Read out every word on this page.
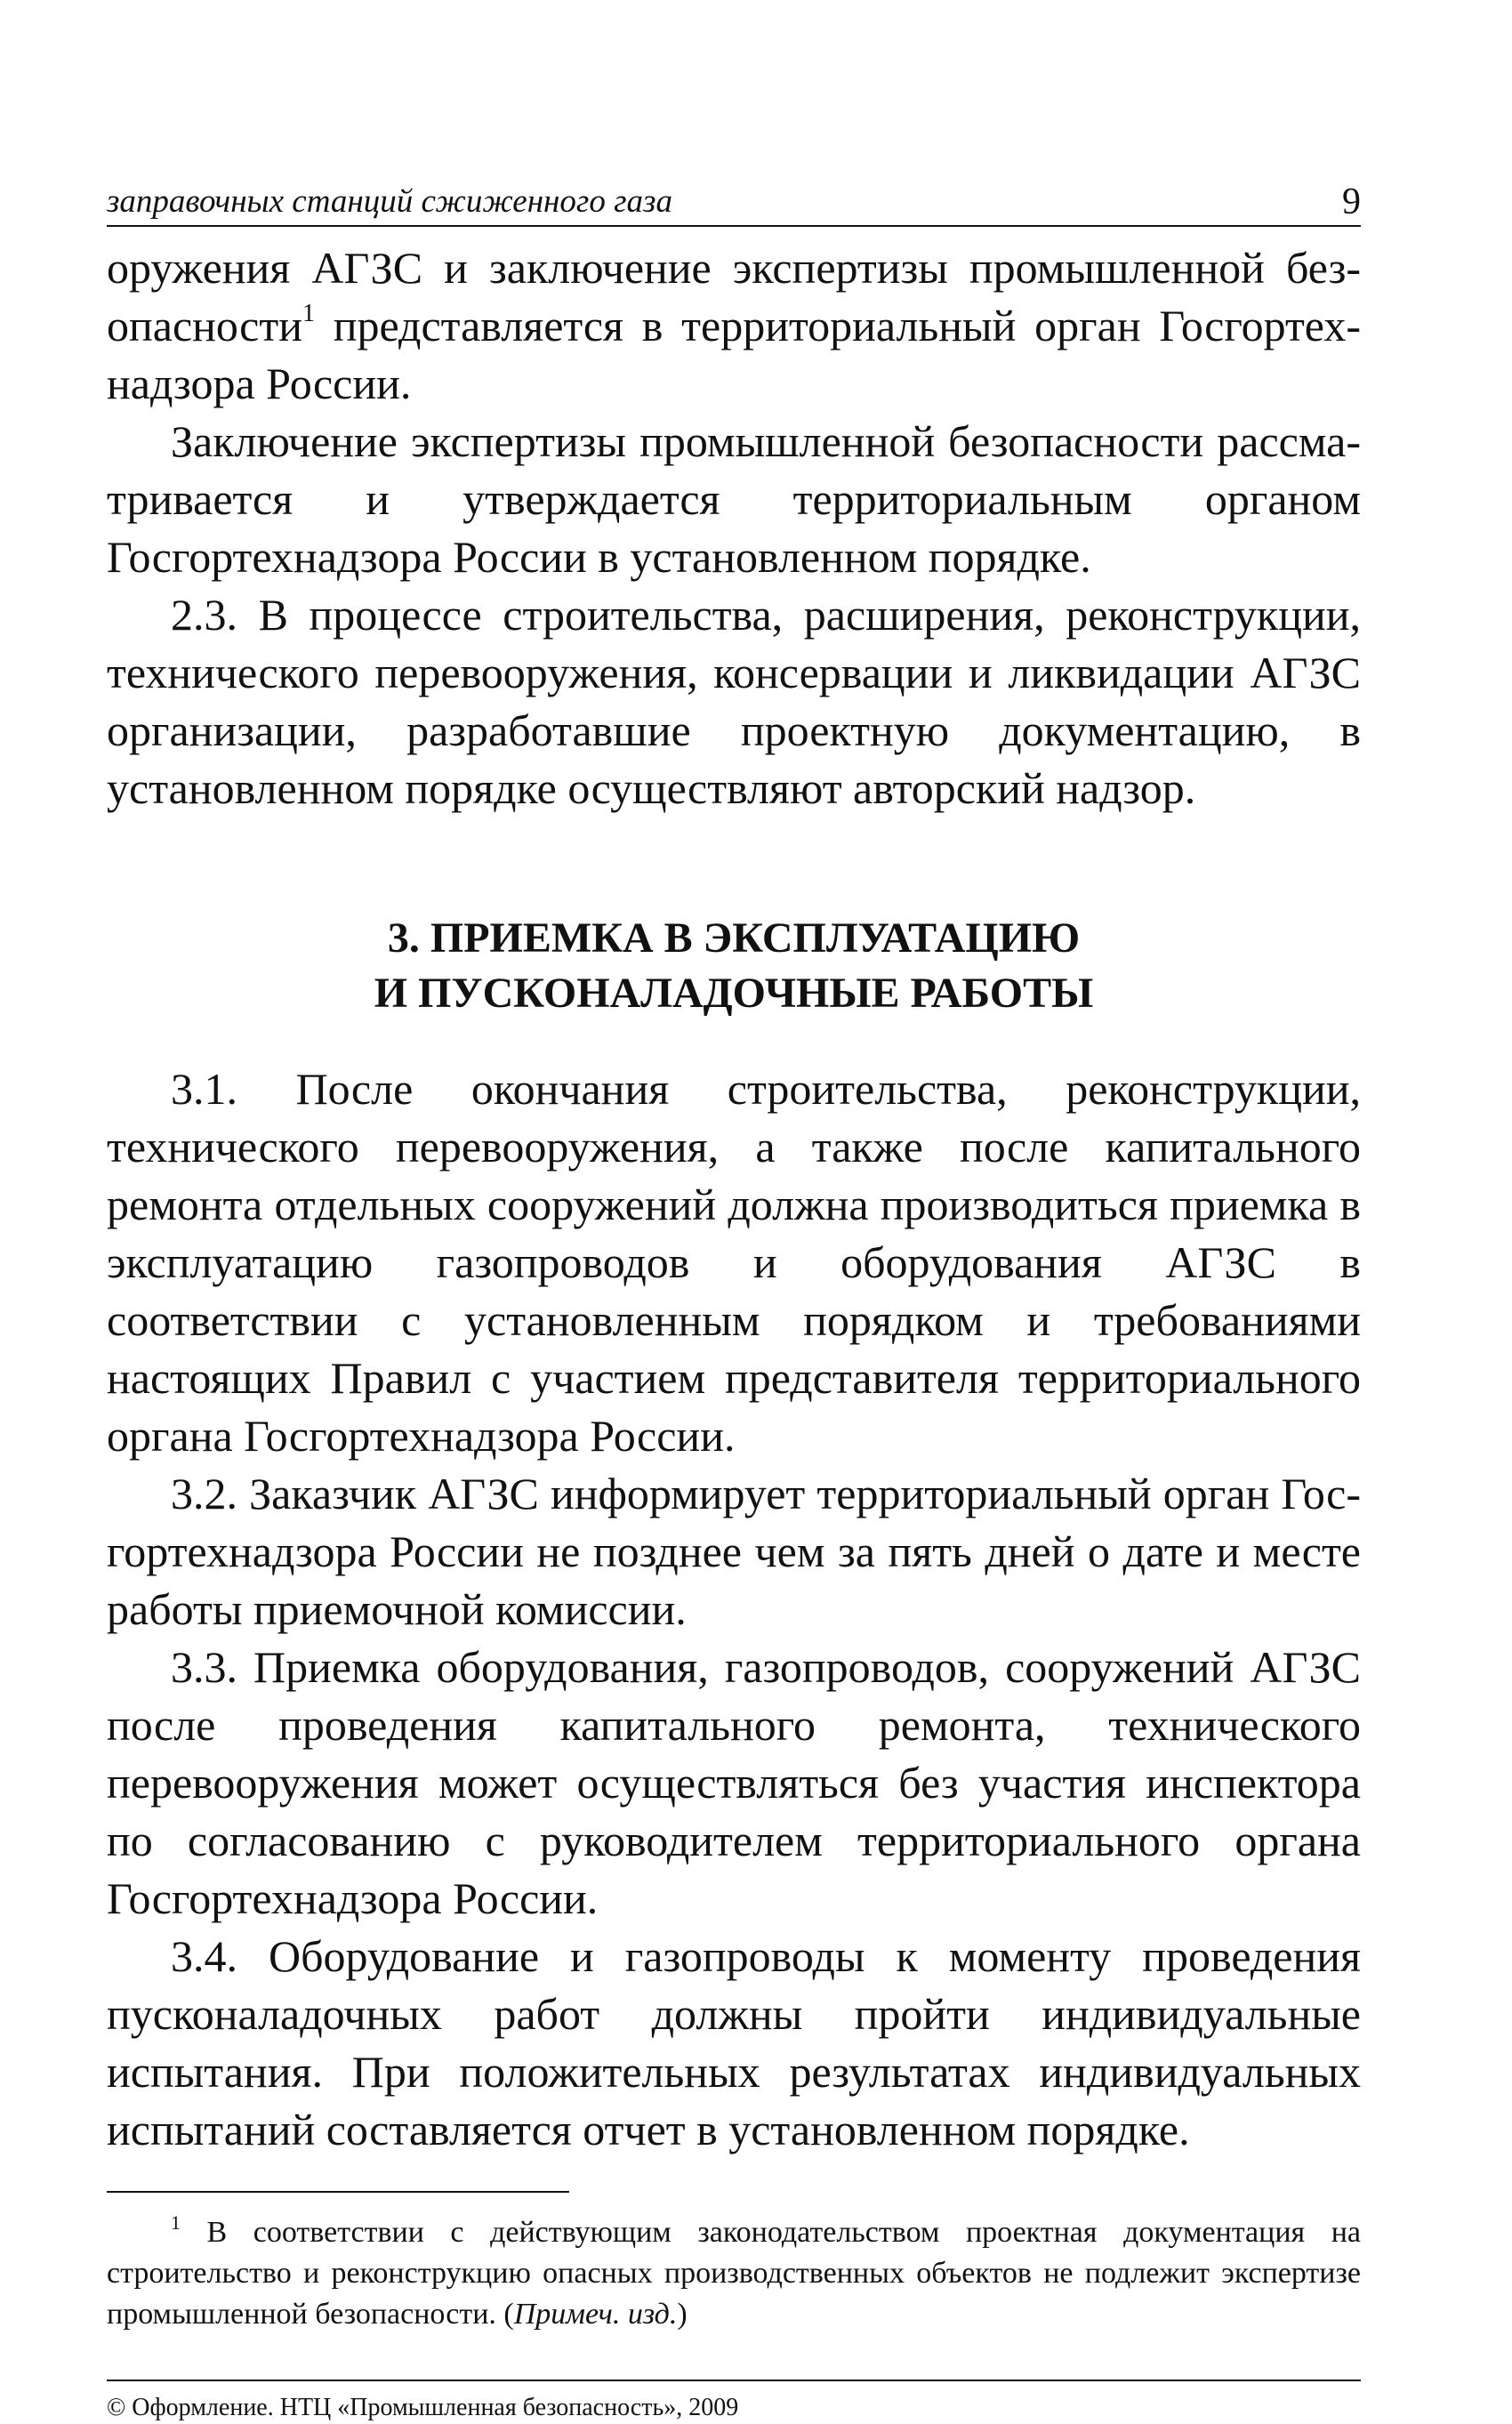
заправочных станций сжиженного газа	9

оружения АГЗС и заключение экспертизы промышленной безопасности$^1$ представляется в территориальный орган Госгортехнадзора России.

Заключение экспертизы промышленной безопасности рассматривается и утверждается территориальным органом Госгортехнадзора России в установленном порядке.

2.3. В процессе строительства, расширения, реконструкции, технического перевооружения, консервации и ликвидации АГЗС организации, разработавшие проектную документацию, в установленном порядке осуществляют авторский надзор.

3. ПРИЕМКА В ЭКСПЛУАТАЦИЮ
И ПУСКОНАЛАДОЧНЫЕ РАБОТЫ

3.1. После окончания строительства, реконструкции, технического перевооружения, а также после капитального ремонта отдельных сооружений должна производиться приемка в эксплуатацию газопроводов и оборудования АГЗС в соответствии с установленным порядком и требованиями настоящих Правил с участием представителя территориального органа Госгортехнадзора России.

3.2. Заказчик АГЗС информирует территориальный орган Госгортехнадзора России не позднее чем за пять дней о дате и месте работы приемочной комиссии.

3.3. Приемка оборудования, газопроводов, сооружений АГЗС после проведения капитального ремонта, технического перевооружения может осуществляться без участия инспектора по согласованию с руководителем территориального органа Госгортехнадзора России.

3.4. Оборудование и газопроводы к моменту проведения пусконаладочных работ должны пройти индивидуальные испытания. При положительных результатах индивидуальных испытаний составляется отчет в установленном порядке.

$^1$ В соответствии с действующим законодательством проектная документация на строительство и реконструкцию опасных производственных объектов не подлежит экспертизе промышленной безопасности. (Примеч. изд.)
© Оформление. НТЦ «Промышленная безопасность», 2009
